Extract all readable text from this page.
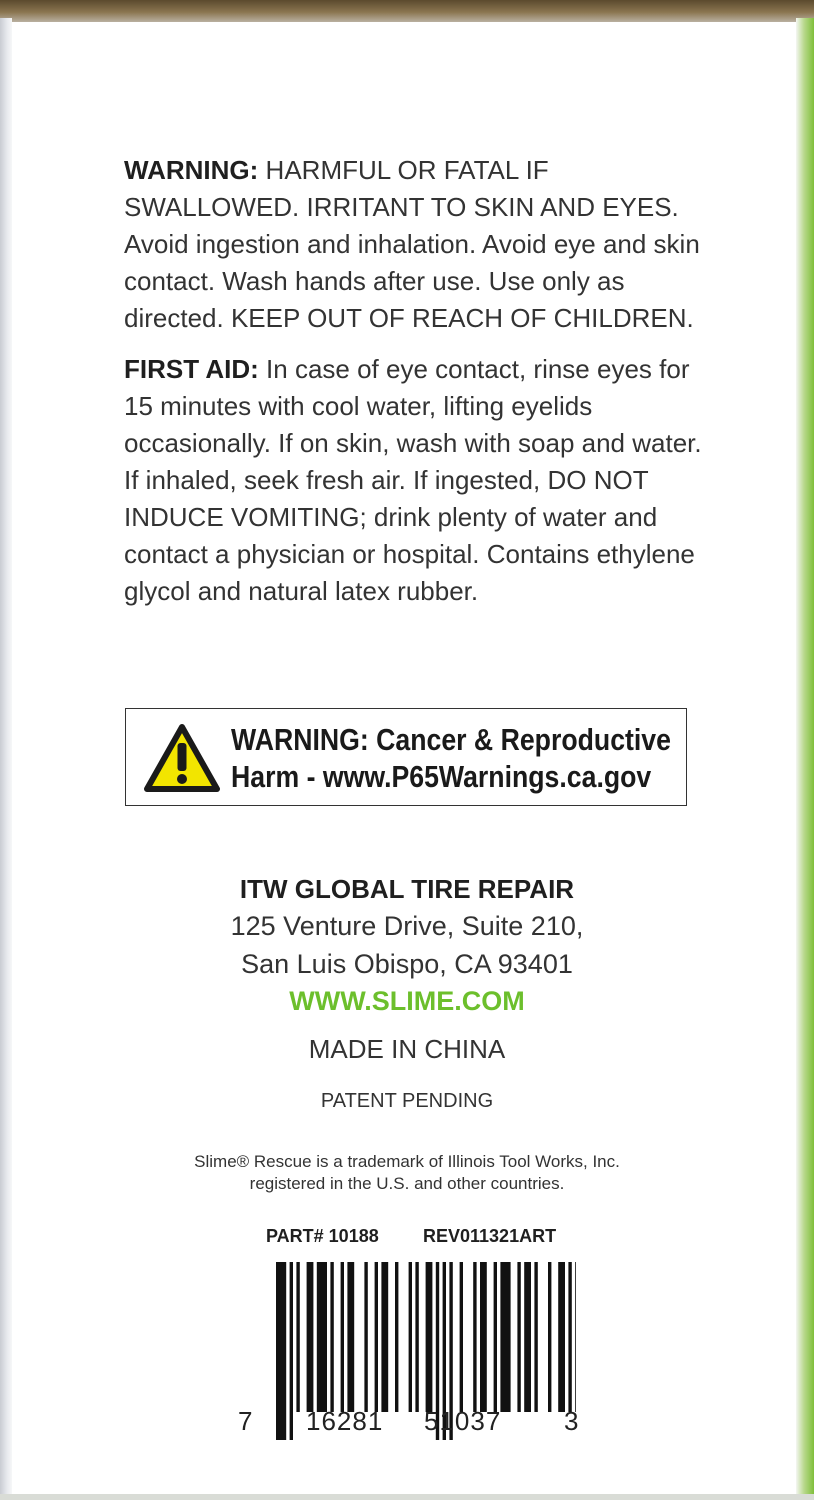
WARNING: HARMFUL OR FATAL IF SWALLOWED. IRRITANT TO SKIN AND EYES. Avoid ingestion and inhalation. Avoid eye and skin contact. Wash hands after use. Use only as directed. KEEP OUT OF REACH OF CHILDREN.

FIRST AID: In case of eye contact, rinse eyes for 15 minutes with cool water, lifting eyelids occasionally. If on skin, wash with soap and water. If inhaled, seek fresh air. If ingested, DO NOT INDUCE VOMITING; drink plenty of water and contact a physician or hospital. Contains ethylene glycol and natural latex rubber.

WARNING: Cancer & Reproductive
Harm - www.P65Warnings.ca.gov
ITW GLOBAL TIRE REPAIR
125 Venture Drive, Suite 210,
San Luis Obispo, CA 93401
WWW.SLIME.COM
MADE IN CHINA
PATENT PENDING
Slime® Rescue is a trademark of Illinois Tool Works, Inc.
registered in the U.S. and other countries.
PART# 10188 REV011321ART
7 16281 51037 3
